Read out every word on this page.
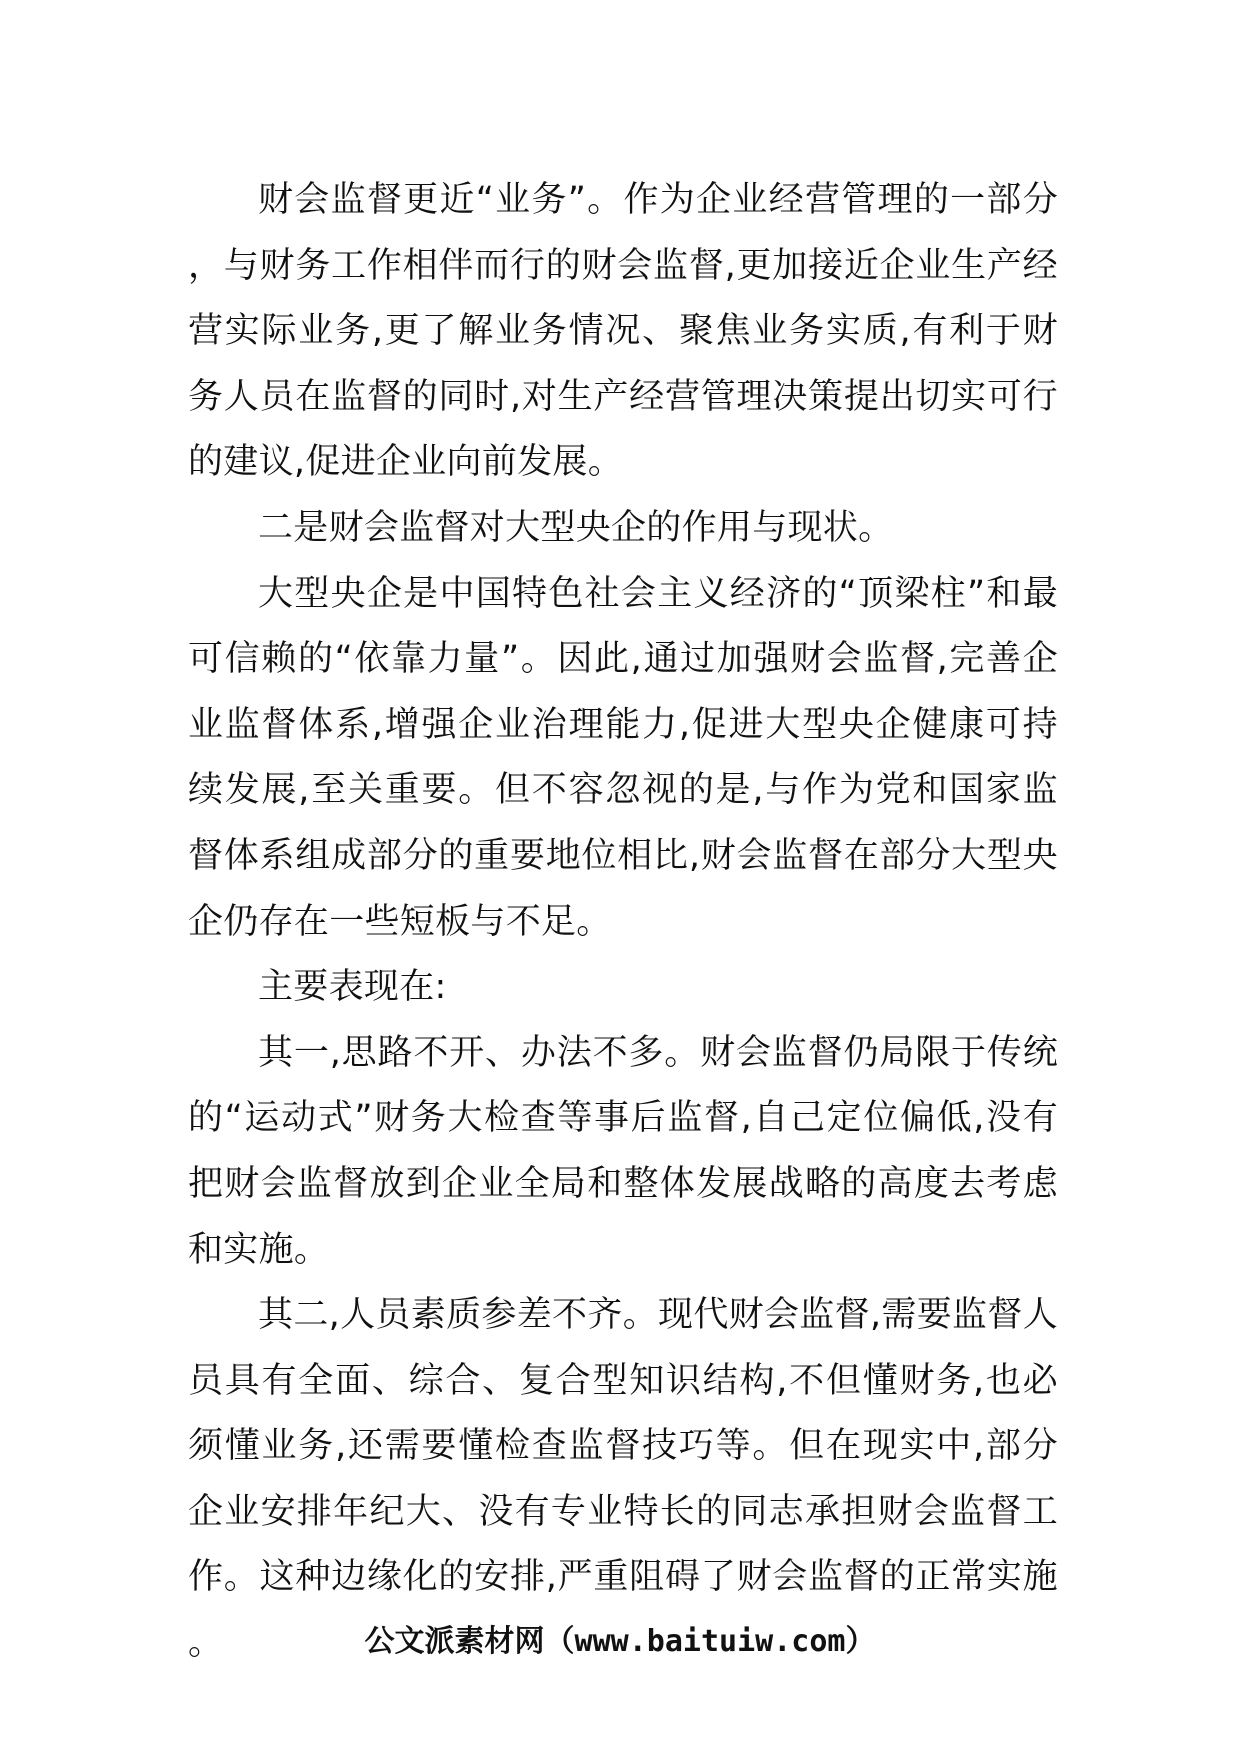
财会监督更近“业务”。作为企业经营管理的一部分，与财务工作相伴而行的财会监督,更加接近企业生产经营实际业务,更了解业务情况、聚焦业务实质,有利于财务人员在监督的同时,对生产经营管理决策提出切实可行的建议,促进企业向前发展。

二是财会监督对大型央企的作用与现状。

大型央企是中国特色社会主义经济的“顶梁柱”和最可信赖的“依靠力量”。因此,通过加强财会监督,完善企业监督体系,增强企业治理能力,促进大型央企健康可持续发展,至关重要。但不容忽视的是,与作为党和国家监督体系组成部分的重要地位相比,财会监督在部分大型央企仍存在一些短板与不足。

主要表现在:

其一,思路不开、办法不多。财会监督仍局限于传统的“运动式”财务大检查等事后监督,自己定位偏低,没有把财会监督放到企业全局和整体发展战略的高度去考虑和实施。

其二,人员素质参差不齐。现代财会监督,需要监督人员具有全面、综合、复合型知识结构,不但懂财务,也必须懂业务,还需要懂检查监督技巧等。但在现实中,部分企业安排年纪大、没有专业特长的同志承担财会监督工作。这种边缘化的安排,严重阻碍了财会监督的正常实施。	公文派素材网（www.baituiw.com）
